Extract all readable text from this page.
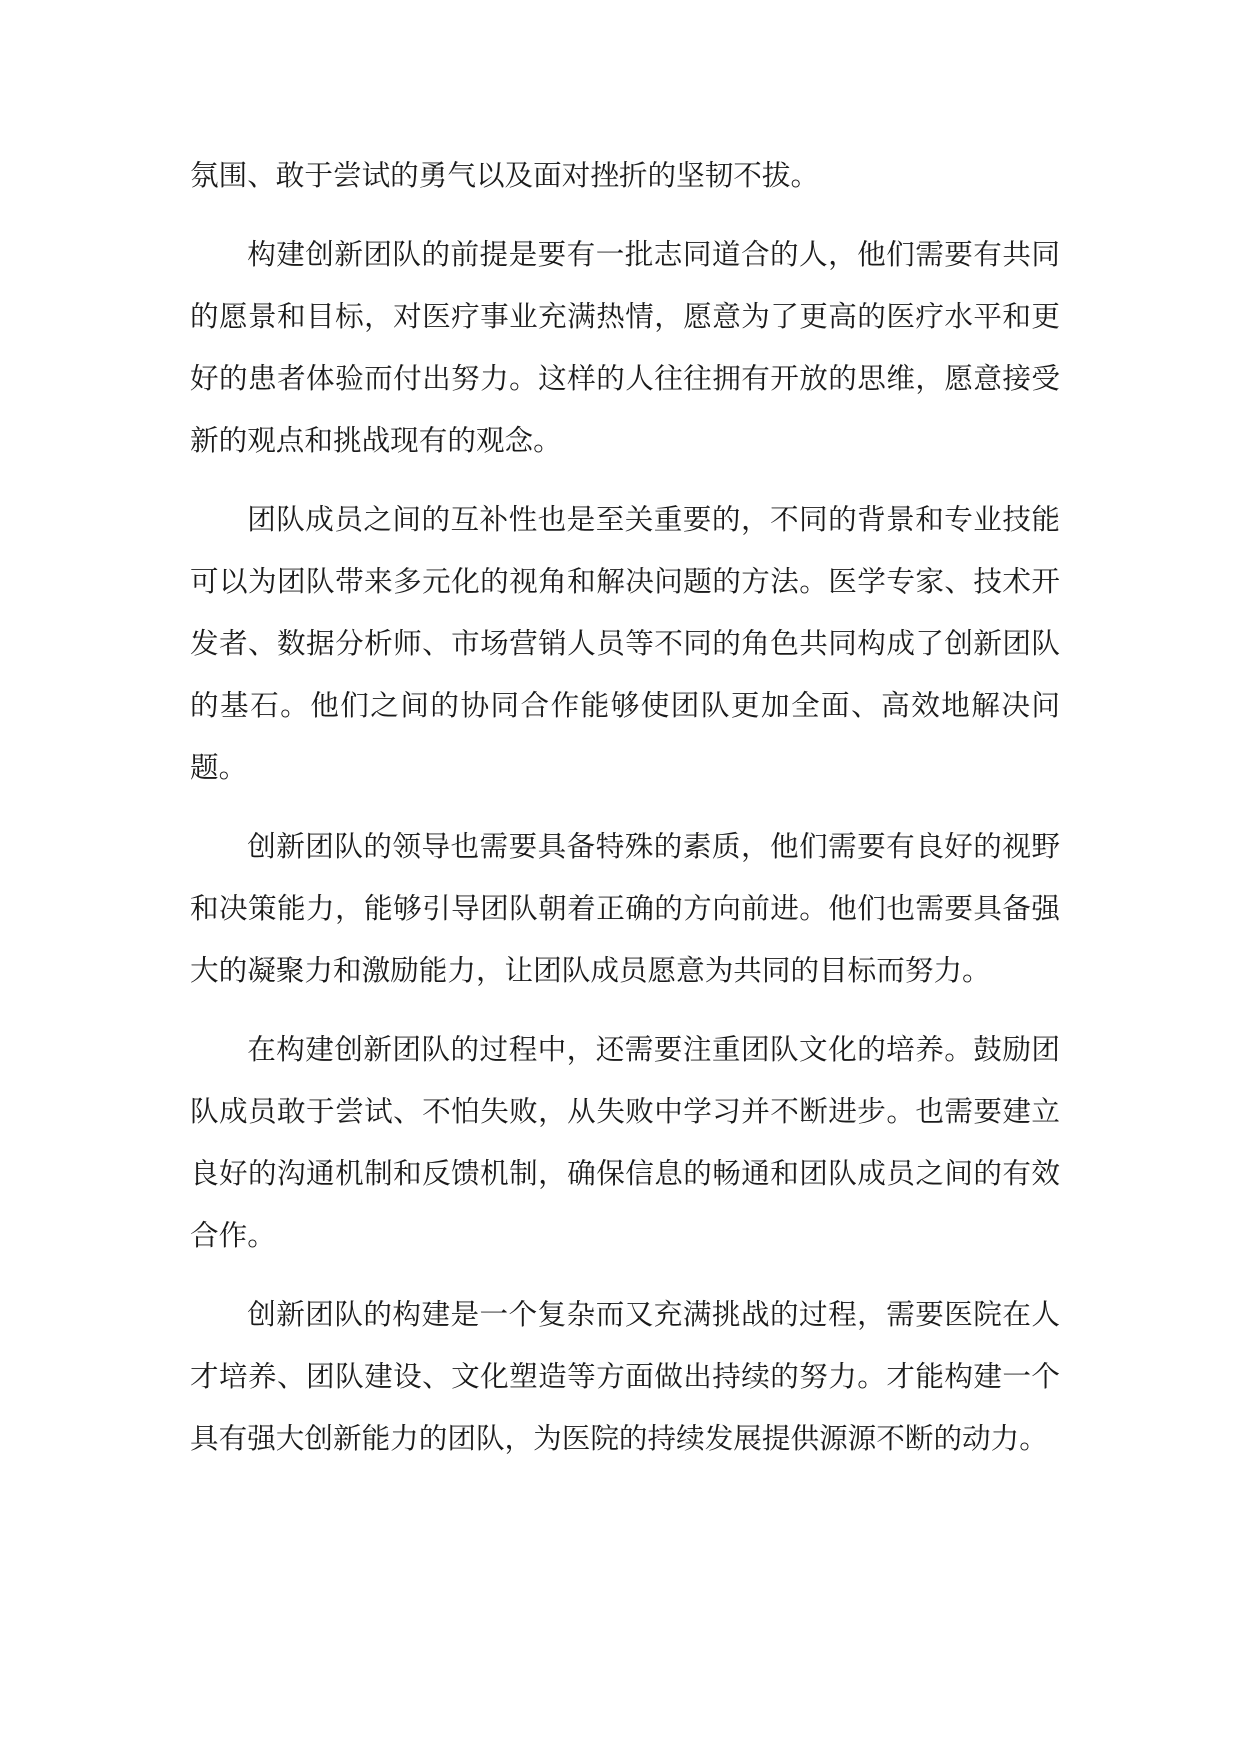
氛围、敢于尝试的勇气以及面对挫折的坚韧不拔。

构建创新团队的前提是要有一批志同道合的人，他们需要有共同的愿景和目标，对医疗事业充满热情，愿意为了更高的医疗水平和更好的患者体验而付出努力。这样的人往往拥有开放的思维，愿意接受新的观点和挑战现有的观念。

团队成员之间的互补性也是至关重要的，不同的背景和专业技能可以为团队带来多元化的视角和解决问题的方法。医学专家、技术开发者、数据分析师、市场营销人员等不同的角色共同构成了创新团队的基石。他们之间的协同合作能够使团队更加全面、高效地解决问题。

创新团队的领导也需要具备特殊的素质，他们需要有良好的视野和决策能力，能够引导团队朝着正确的方向前进。他们也需要具备强大的凝聚力和激励能力，让团队成员愿意为共同的目标而努力。

在构建创新团队的过程中，还需要注重团队文化的培养。鼓励团队成员敢于尝试、不怕失败，从失败中学习并不断进步。也需要建立良好的沟通机制和反馈机制，确保信息的畅通和团队成员之间的有效合作。

创新团队的构建是一个复杂而又充满挑战的过程，需要医院在人才培养、团队建设、文化塑造等方面做出持续的努力。才能构建一个具有强大创新能力的团队，为医院的持续发展提供源源不断的动力。
